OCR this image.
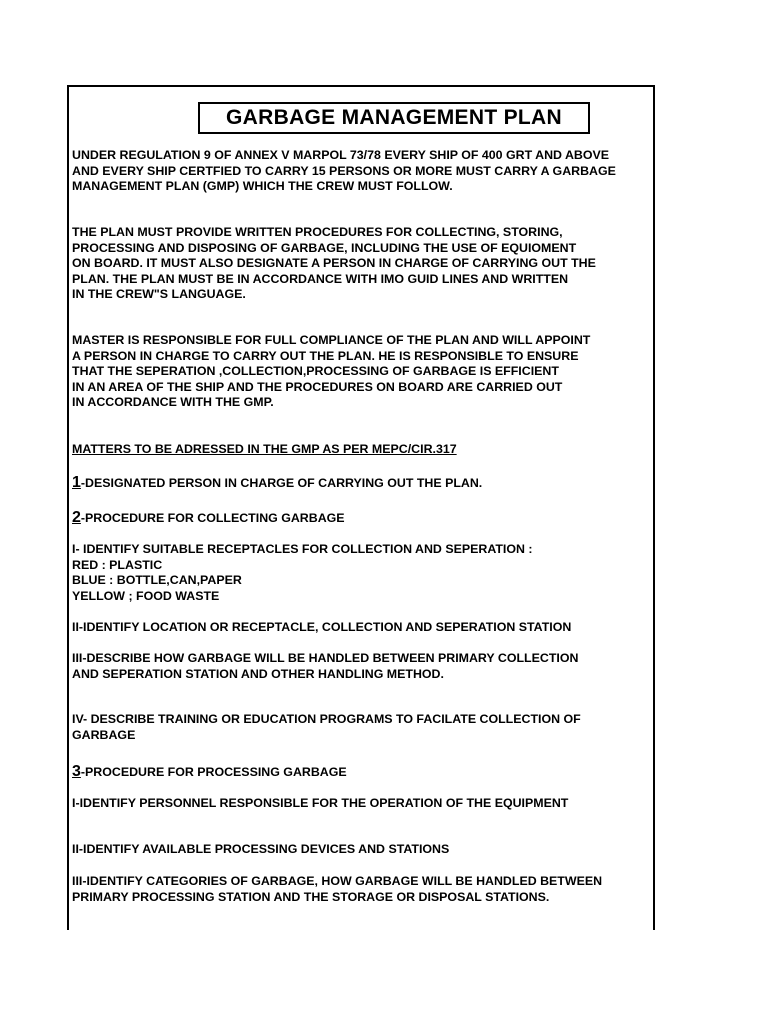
GARBAGE MANAGEMENT PLAN
UNDER REGULATION 9 OF ANNEX V MARPOL 73/78 EVERY SHIP OF 400 GRT AND ABOVE
AND EVERY SHIP CERTFIED TO CARRY 15 PERSONS OR MORE MUST CARRY A GARBAGE
MANAGEMENT PLAN (GMP) WHICH THE CREW MUST FOLLOW.
THE PLAN MUST PROVIDE WRITTEN PROCEDURES FOR COLLECTING, STORING,
PROCESSING AND DISPOSING OF GARBAGE, INCLUDING THE USE OF EQUIOMENT
ON BOARD. IT MUST ALSO DESIGNATE A PERSON IN CHARGE OF CARRYING OUT THE
PLAN. THE PLAN MUST BE IN ACCORDANCE WITH IMO GUID LINES AND WRITTEN
IN THE CREW"S LANGUAGE.
MASTER IS RESPONSIBLE FOR FULL COMPLIANCE OF THE PLAN AND WILL APPOINT
A PERSON IN CHARGE TO CARRY OUT THE PLAN. HE IS RESPONSIBLE TO ENSURE
THAT THE SEPERATION ,COLLECTION,PROCESSING OF GARBAGE IS EFFICIENT
IN AN AREA OF THE SHIP AND THE PROCEDURES ON BOARD ARE CARRIED OUT
IN ACCORDANCE WITH THE GMP.
MATTERS TO BE ADRESSED IN THE GMP AS PER MEPC/CIR.317
1-DESIGNATED PERSON IN CHARGE OF CARRYING OUT THE PLAN.
2-PROCEDURE FOR COLLECTING GARBAGE
I- IDENTIFY SUITABLE RECEPTACLES FOR COLLECTION AND SEPERATION :
RED : PLASTIC
BLUE : BOTTLE,CAN,PAPER
YELLOW ; FOOD WASTE
II-IDENTIFY LOCATION OR RECEPTACLE, COLLECTION AND SEPERATION STATION
III-DESCRIBE HOW GARBAGE WILL BE HANDLED BETWEEN PRIMARY COLLECTION
AND SEPERATION STATION AND OTHER HANDLING METHOD.
IV- DESCRIBE TRAINING OR EDUCATION PROGRAMS TO FACILATE COLLECTION OF
GARBAGE
3-PROCEDURE FOR PROCESSING GARBAGE
I-IDENTIFY PERSONNEL RESPONSIBLE FOR THE OPERATION OF THE EQUIPMENT
II-IDENTIFY AVAILABLE PROCESSING DEVICES AND STATIONS
III-IDENTIFY CATEGORIES OF GARBAGE, HOW GARBAGE WILL BE HANDLED BETWEEN
PRIMARY PROCESSING STATION AND THE STORAGE OR DISPOSAL STATIONS.
